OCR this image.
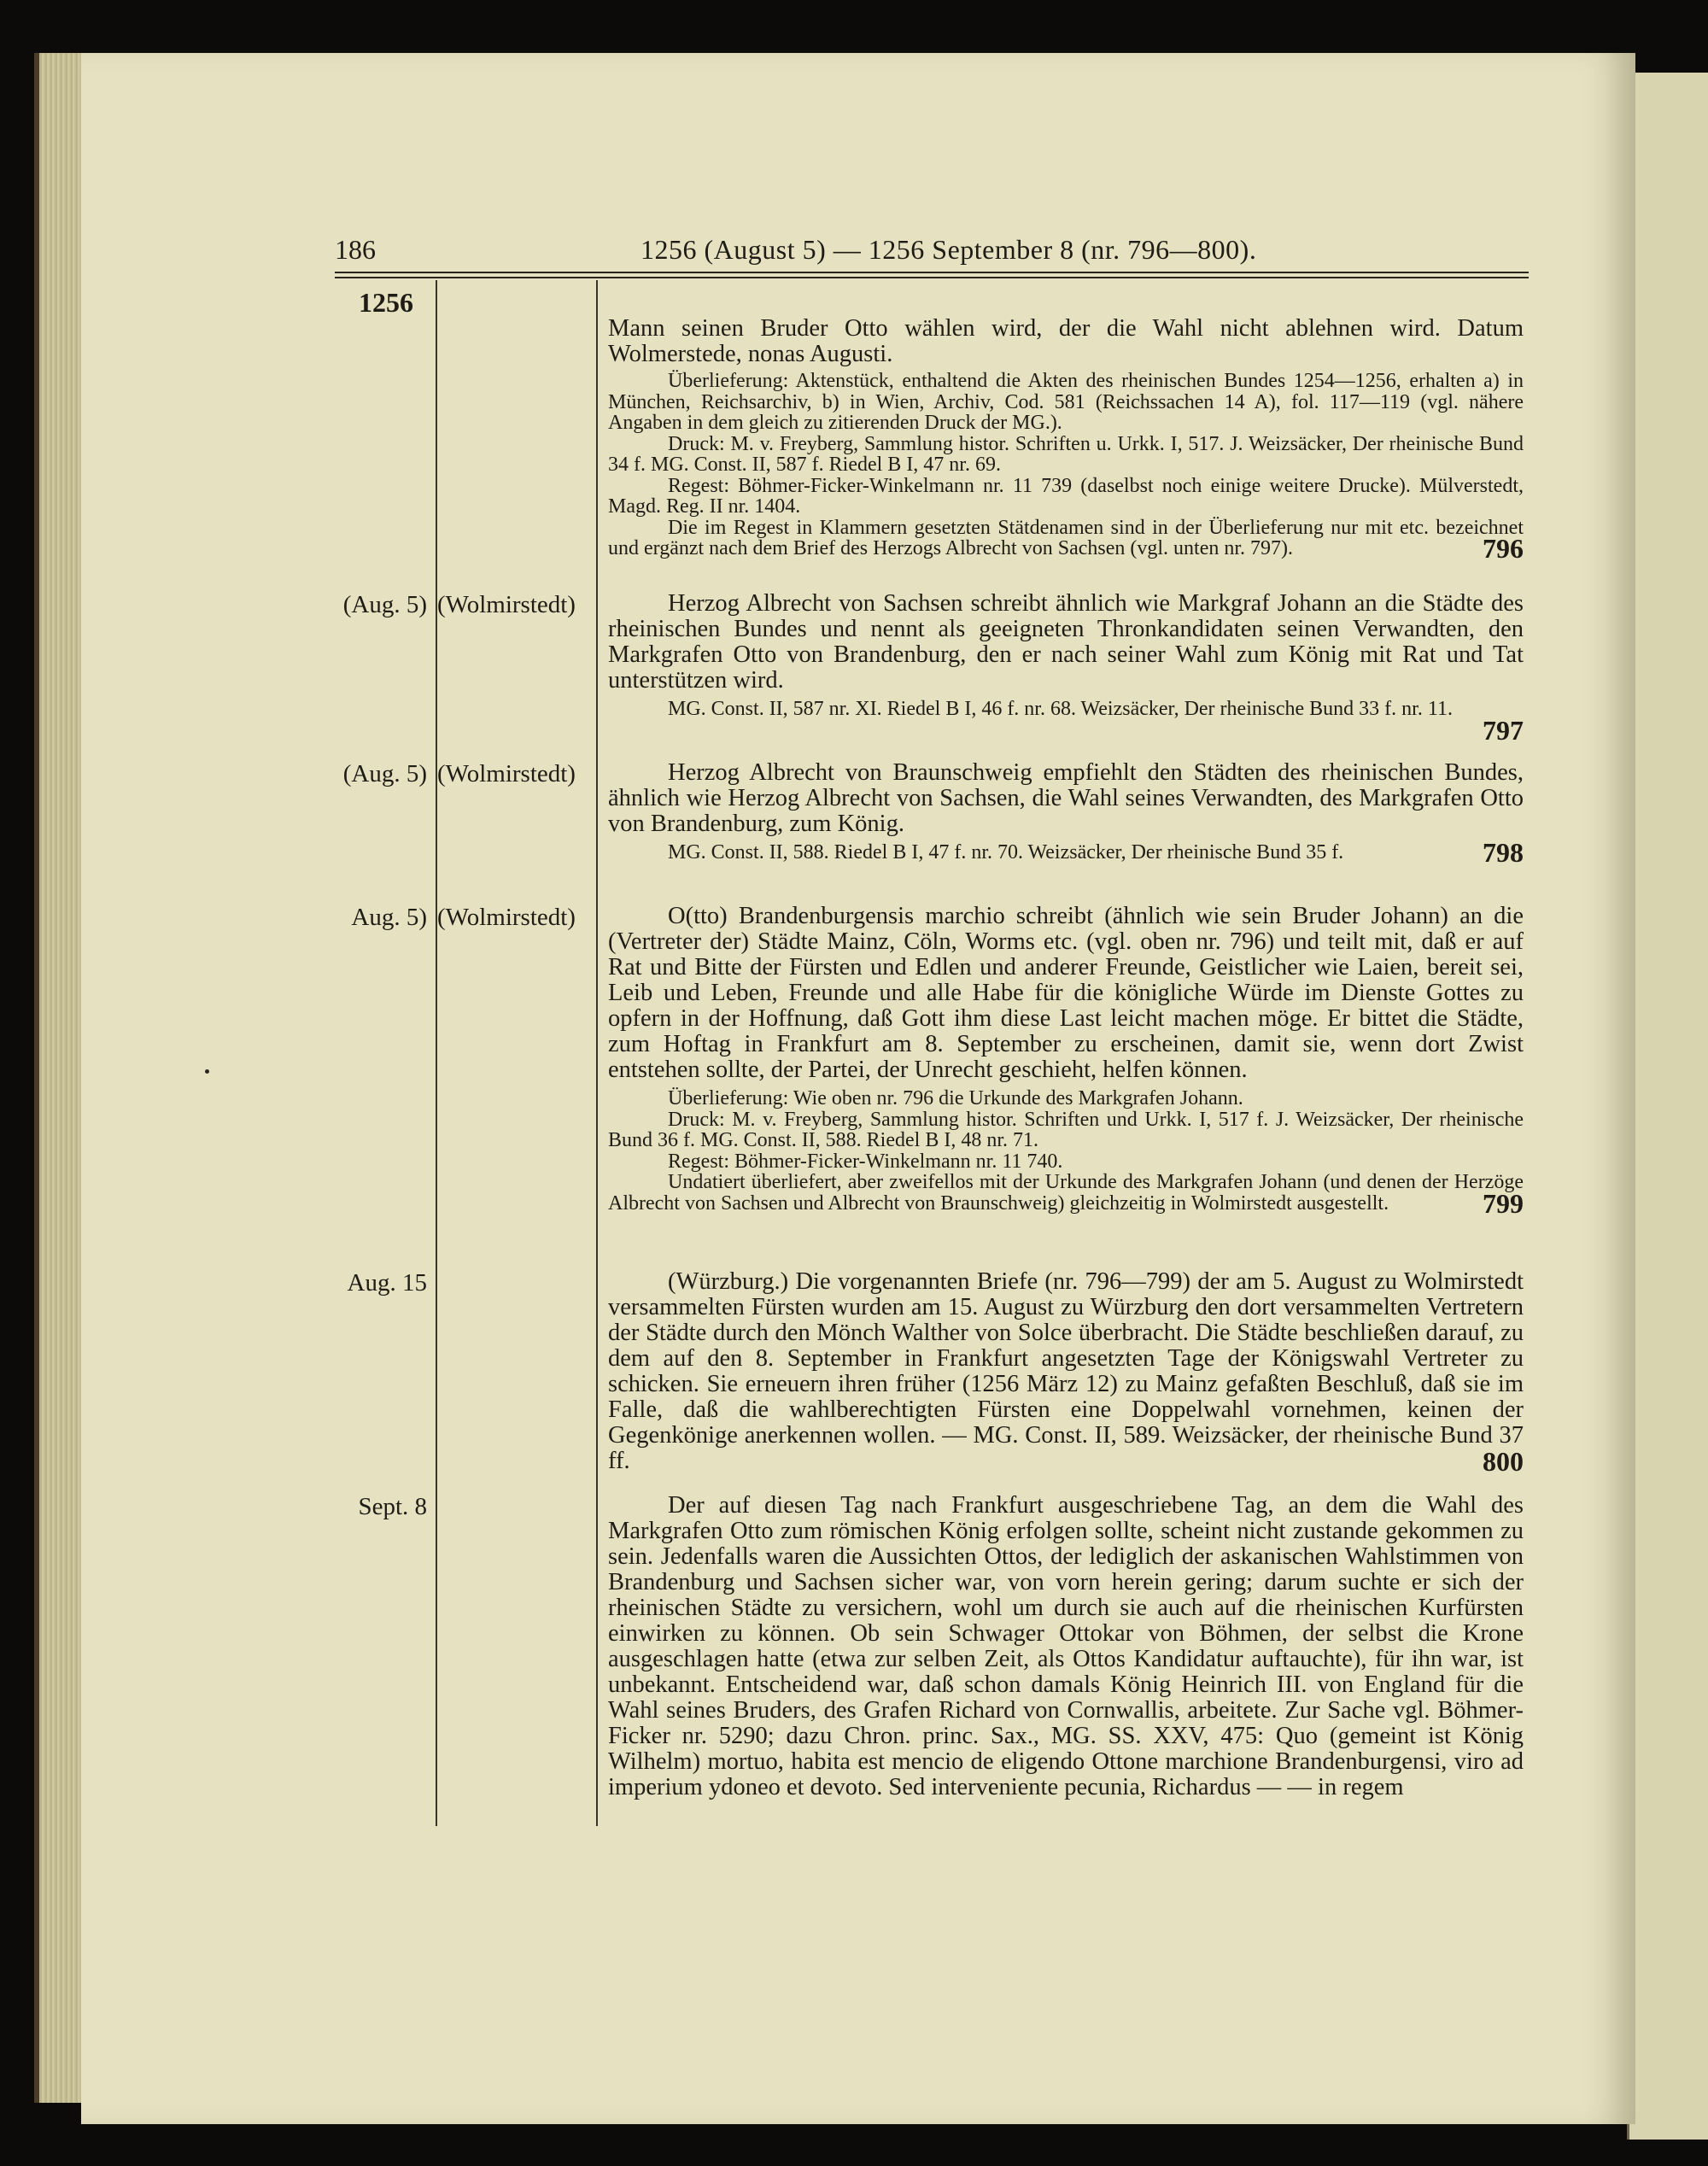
186	1256 (August 5) — 1256 September 8 (nr. 796—800).
1256

Mann seinen Bruder Otto wählen wird, der die Wahl nicht ablehnen wird. Datum Wolmerstede, nonas Augusti.

Überlieferung: Aktenstück, enthaltend die Akten des rheinischen Bundes 1254—1256, erhalten a) in München, Reichsarchiv, b) in Wien, Archiv, Cod. 581 (Reichssachen 14 A), fol. 117—119 (vgl. nähere Angaben in dem gleich zu zitierenden Druck der MG.).

Druck: M. v. Freyberg, Sammlung histor. Schriften u. Urkk. I, 517. J. Weizsäcker, Der rheinische Bund 34 f. MG. Const. II, 587 f. Riedel B I, 47 nr. 69.

Regest: Böhmer-Ficker-Winkelmann nr. 11 739 (daselbst noch einige weitere Drucke). Mülverstedt, Magd. Reg. II nr. 1404.

Die im Regest in Klammern gesetzten Stätdenamen sind in der Überlieferung nur mit etc. bezeichnet und ergänzt nach dem Brief des Herzogs Albrecht von Sachsen (vgl. unten nr. 797).	796

(Aug. 5) (Wolmirstedt)	Herzog Albrecht von Sachsen schreibt ähnlich wie Markgraf Johann an die Städte des rheinischen Bundes und nennt als geeigneten Thronkandidaten seinen Verwandten, den Markgrafen Otto von Brandenburg, den er nach seiner Wahl zum König mit Rat und Tat unterstützen wird.

MG. Const. II, 587 nr. XI. Riedel B I, 46 f. nr. 68. Weizsäcker, Der rheinische Bund 33 f. nr. 11.
797

(Aug. 5) (Wolmirstedt)	Herzog Albrecht von Braunschweig empfiehlt den Städten des rheinischen Bundes, ähnlich wie Herzog Albrecht von Sachsen, die Wahl seines Verwandten, des Markgrafen Otto von Brandenburg, zum König.

MG. Const. II, 588. Riedel B I, 47 f. nr. 70. Weizsäcker, Der rheinische Bund 35 f.	798

Aug. 5) (Wolmirstedt)	O(tto) Brandenburgensis marchio schreibt (ähnlich wie sein Bruder Johann) an die (Vertreter der) Städte Mainz, Cöln, Worms etc. (vgl. oben nr. 796) und teilt mit, daß er auf Rat und Bitte der Fürsten und Edlen und anderer Freunde, Geistlicher wie Laien, bereit sei, Leib und Leben, Freunde und alle Habe für die königliche Würde im Dienste Gottes zu opfern in der Hoffnung, daß Gott ihm diese Last leicht machen möge. Er bittet die Städte, zum Hoftag in Frankfurt am 8. September zu erscheinen, damit sie, wenn dort Zwist entstehen sollte, der Partei, der Unrecht geschieht, helfen können.

Überlieferung: Wie oben nr. 796 die Urkunde des Markgrafen Johann.

Druck: M. v. Freyberg, Sammlung histor. Schriften und Urkk. I, 517 f. J. Weizsäcker, Der rheinische Bund 36 f. MG. Const. II, 588. Riedel B I, 48 nr. 71.

Regest: Böhmer-Ficker-Winkelmann nr. 11 740.

Undatiert überliefert, aber zweifellos mit der Urkunde des Markgrafen Johann (und denen der Herzöge Albrecht von Sachsen und Albrecht von Braunschweig) gleichzeitig in Wolmirstedt ausgestellt.	799

Aug. 15	(Würzburg.) Die vorgenannten Briefe (nr. 796—799) der am 5. August zu Wolmirstedt versammelten Fürsten wurden am 15. August zu Würzburg den dort versammelten Vertretern der Städte durch den Mönch Walther von Solce überbracht. Die Städte beschließen darauf, zu dem auf den 8. September in Frankfurt angesetzten Tage der Königswahl Vertreter zu schicken. Sie erneuern ihren früher (1256 März 12) zu Mainz gefaßten Beschluß, daß sie im Falle, daß die wahlberechtigten Fürsten eine Doppelwahl vornehmen, keinen der Gegenkönige anerkennen wollen. — MG. Const. II, 589. Weizsäcker, der rheinische Bund 37 ff.	800

Sept. 8	Der auf diesen Tag nach Frankfurt ausgeschriebene Tag, an dem die Wahl des Markgrafen Otto zum römischen König erfolgen sollte, scheint nicht zustande gekommen zu sein. Jedenfalls waren die Aussichten Ottos, der lediglich der askanischen Wahlstimmen von Brandenburg und Sachsen sicher war, von vorn herein gering; darum suchte er sich der rheinischen Städte zu versichern, wohl um durch sie auch auf die rheinischen Kurfürsten einwirken zu können. Ob sein Schwager Ottokar von Böhmen, der selbst die Krone ausgeschlagen hatte (etwa zur selben Zeit, als Ottos Kandidatur auftauchte), für ihn war, ist unbekannt. Entscheidend war, daß schon damals König Heinrich III. von England für die Wahl seines Bruders, des Grafen Richard von Cornwallis, arbeitete. Zur Sache vgl. Böhmer-Ficker nr. 5290; dazu Chron. princ. Sax., MG. SS. XXV, 475: Quo (gemeint ist König Wilhelm) mortuo, habita est mencio de eligendo Ottone marchione Brandenburgensi, viro ad imperium ydoneo et devoto. Sed interveniente pecunia, Richardus — — in regem
